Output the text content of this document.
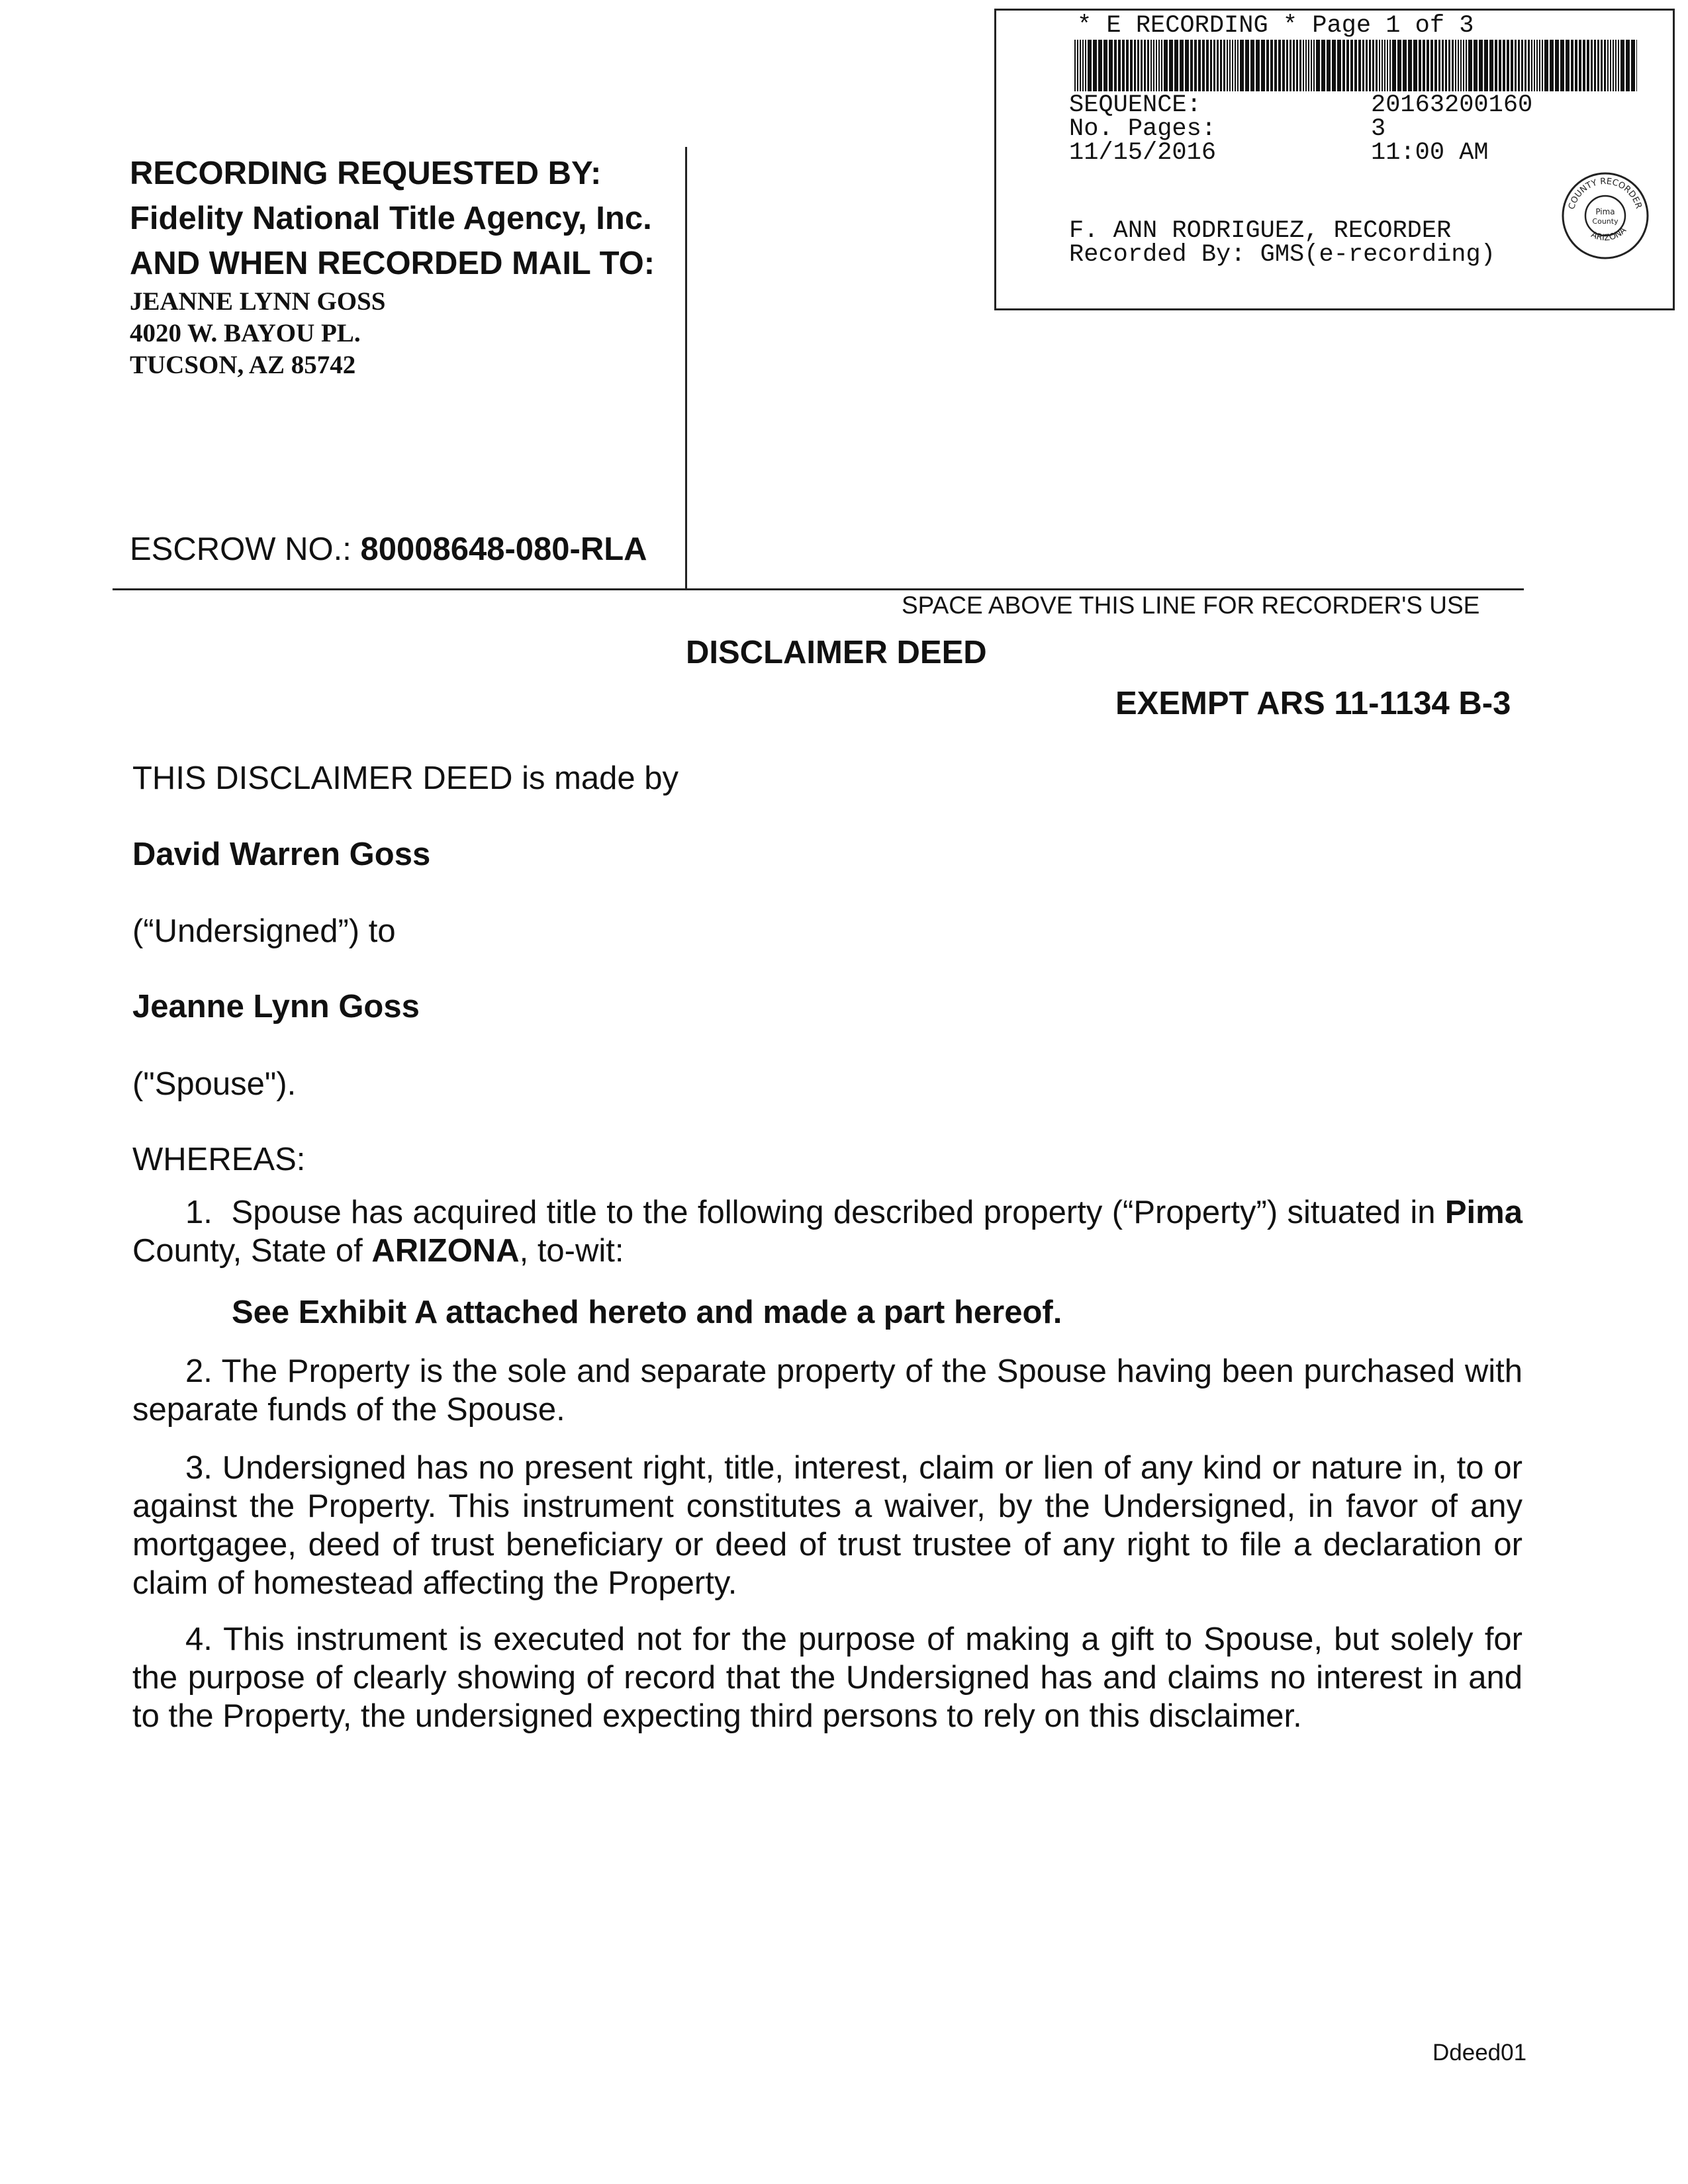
* E RECORDING * Page 1 of 3
SEQUENCE:	20163200160
No. Pages:	3
11/15/2016	11:00 AM
F. ANN RODRIGUEZ, RECORDER
Recorded By: GMS(e-recording)
COUNTY RECORDER
Pima
County
ARIZONA
RECORDING REQUESTED BY:
Fidelity National Title Agency, Inc.
AND WHEN RECORDED MAIL TO:
JEANNE LYNN GOSS
4020 W. BAYOU PL.
TUCSON, AZ 85742
ESCROW NO.: 80008648-080-RLA
SPACE ABOVE THIS LINE FOR RECORDER'S USE
DISCLAIMER DEED
EXEMPT ARS 11-1134 B-3
THIS DISCLAIMER DEED is made by
David Warren Goss
(“Undersigned”) to
Jeanne Lynn Goss
("Spouse").
WHEREAS:
1. Spouse has acquired title to the following described property (“Property”) situated in Pima County, State of ARIZONA, to-wit:
See Exhibit A attached hereto and made a part hereof.
2. The Property is the sole and separate property of the Spouse having been purchased with separate funds of the Spouse.
3. Undersigned has no present right, title, interest, claim or lien of any kind or nature in, to or against the Property. This instrument constitutes a waiver, by the Undersigned, in favor of any mortgagee, deed of trust beneficiary or deed of trust trustee of any right to file a declaration or claim of homestead affecting the Property.
4. This instrument is executed not for the purpose of making a gift to Spouse, but solely for the purpose of clearly showing of record that the Undersigned has and claims no interest in and to the Property, the undersigned expecting third persons to rely on this disclaimer.
Ddeed01
